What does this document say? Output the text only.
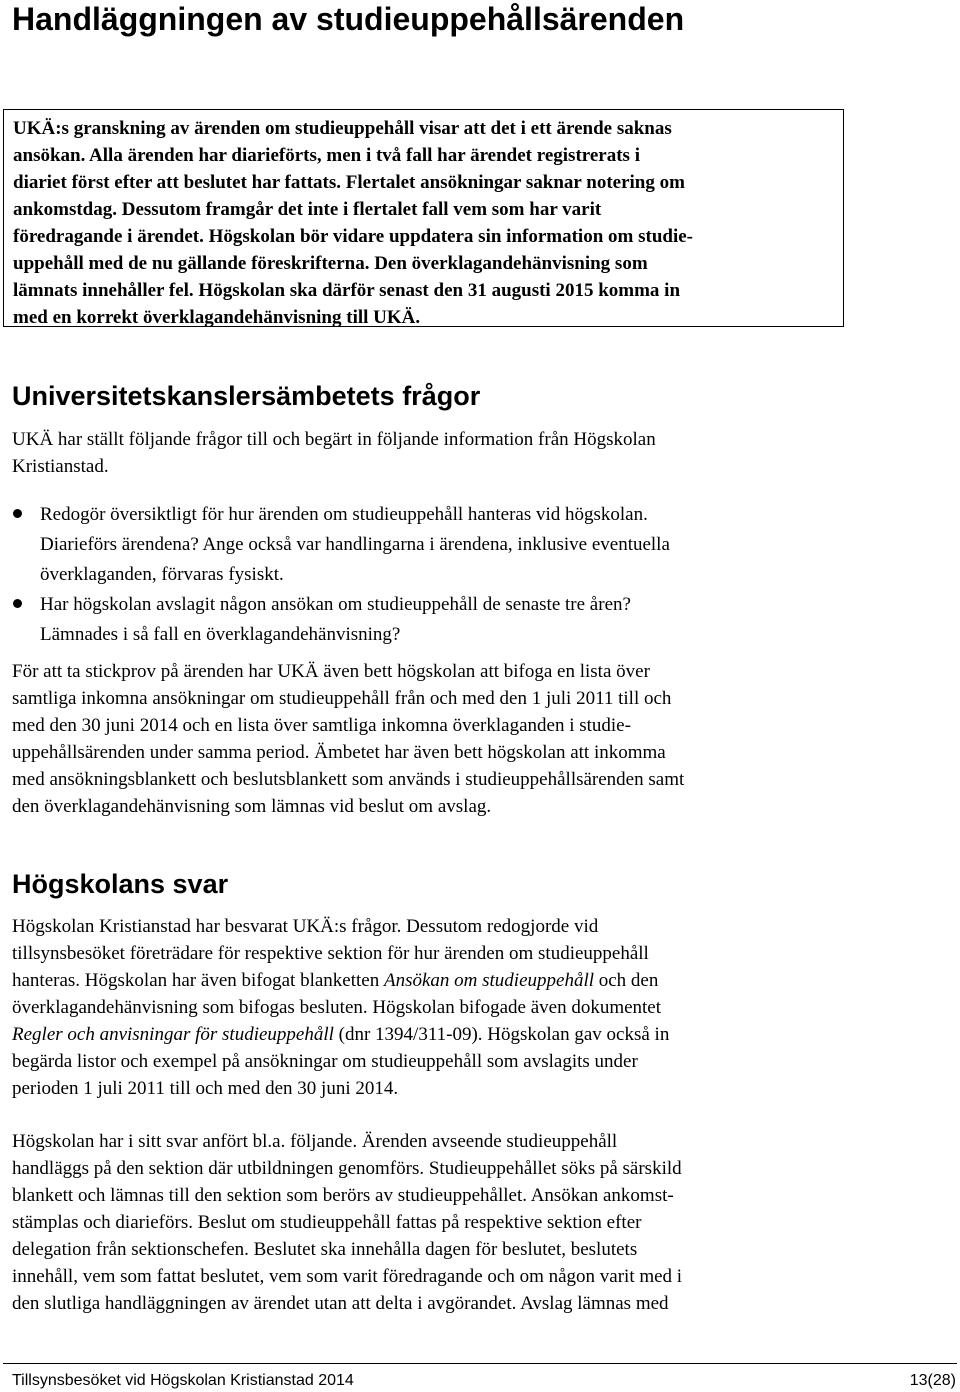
Handläggningen av studieuppehållsärenden

UKÄ:s granskning av ärenden om studieuppehåll visar att det i ett ärende saknas

ansökan. Alla ärenden har diarieförts, men i två fall har ärendet registrerats i

diariet först efter att beslutet har fattats. Flertalet ansökningar saknar notering om

ankomstdag. Dessutom framgår det inte i flertalet fall vem som har varit

föredragande i ärendet. Högskolan bör vidare uppdatera sin information om studie-

uppehåll med de nu gällande föreskrifterna. Den överklagandehänvisning som

lämnats innehåller fel. Högskolan ska därför senast den 31 augusti 2015 komma in

med en korrekt överklagandehänvisning till UKÄ.

Universitetskanslersämbetets frågor
UKÄ har ställt följande frågor till och begärt in följande information från Högskolan
Kristianstad.
Redogör översiktligt för hur ärenden om studieuppehåll hanteras vid högskolan.
Diarieförs ärendena? Ange också var handlingarna i ärendena, inklusive eventuella
överklaganden, förvaras fysiskt.
Har högskolan avslagit någon ansökan om studieuppehåll de senaste tre åren?
Lämnades i så fall en överklagandehänvisning?
För att ta stickprov på ärenden har UKÄ även bett högskolan att bifoga en lista över
samtliga inkomna ansökningar om studieuppehåll från och med den 1 juli 2011 till och
med den 30 juni 2014 och en lista över samtliga inkomna överklaganden i studie-
uppehållsärenden under samma period. Ämbetet har även bett högskolan att inkomma
med ansökningsblankett och beslutsblankett som används i studieuppehållsärenden samt
den överklagandehänvisning som lämnas vid beslut om avslag.
Högskolans svar
Högskolan Kristianstad har besvarat UKÄ:s frågor. Dessutom redogjorde vid
tillsynsbesöket företrädare för respektive sektion för hur ärenden om studieuppehåll
hanteras. Högskolan har även bifogat blanketten Ansökan om studieuppehåll och den
överklagandehänvisning som bifogas besluten. Högskolan bifogade även dokumentet
Regler och anvisningar för studieuppehåll (dnr 1394/311-09). Högskolan gav också in
begärda listor och exempel på ansökningar om studieuppehåll som avslagits under
perioden 1 juli 2011 till och med den 30 juni 2014.
Högskolan har i sitt svar anfört bl.a. följande. Ärenden avseende studieuppehåll
handläggs på den sektion där utbildningen genomförs. Studieuppehållet söks på särskild
blankett och lämnas till den sektion som berörs av studieuppehållet. Ansökan ankomst-
stämplas och diarieförs. Beslut om studieuppehåll fattas på respektive sektion efter
delegation från sektionschefen. Beslutet ska innehålla dagen för beslutet, beslutets
innehåll, vem som fattat beslutet, vem som varit föredragande och om någon varit med i
den slutliga handläggningen av ärendet utan att delta i avgörandet. Avslag lämnas med
Tillsynsbesöket vid Högskolan Kristianstad 2014	13(28)
